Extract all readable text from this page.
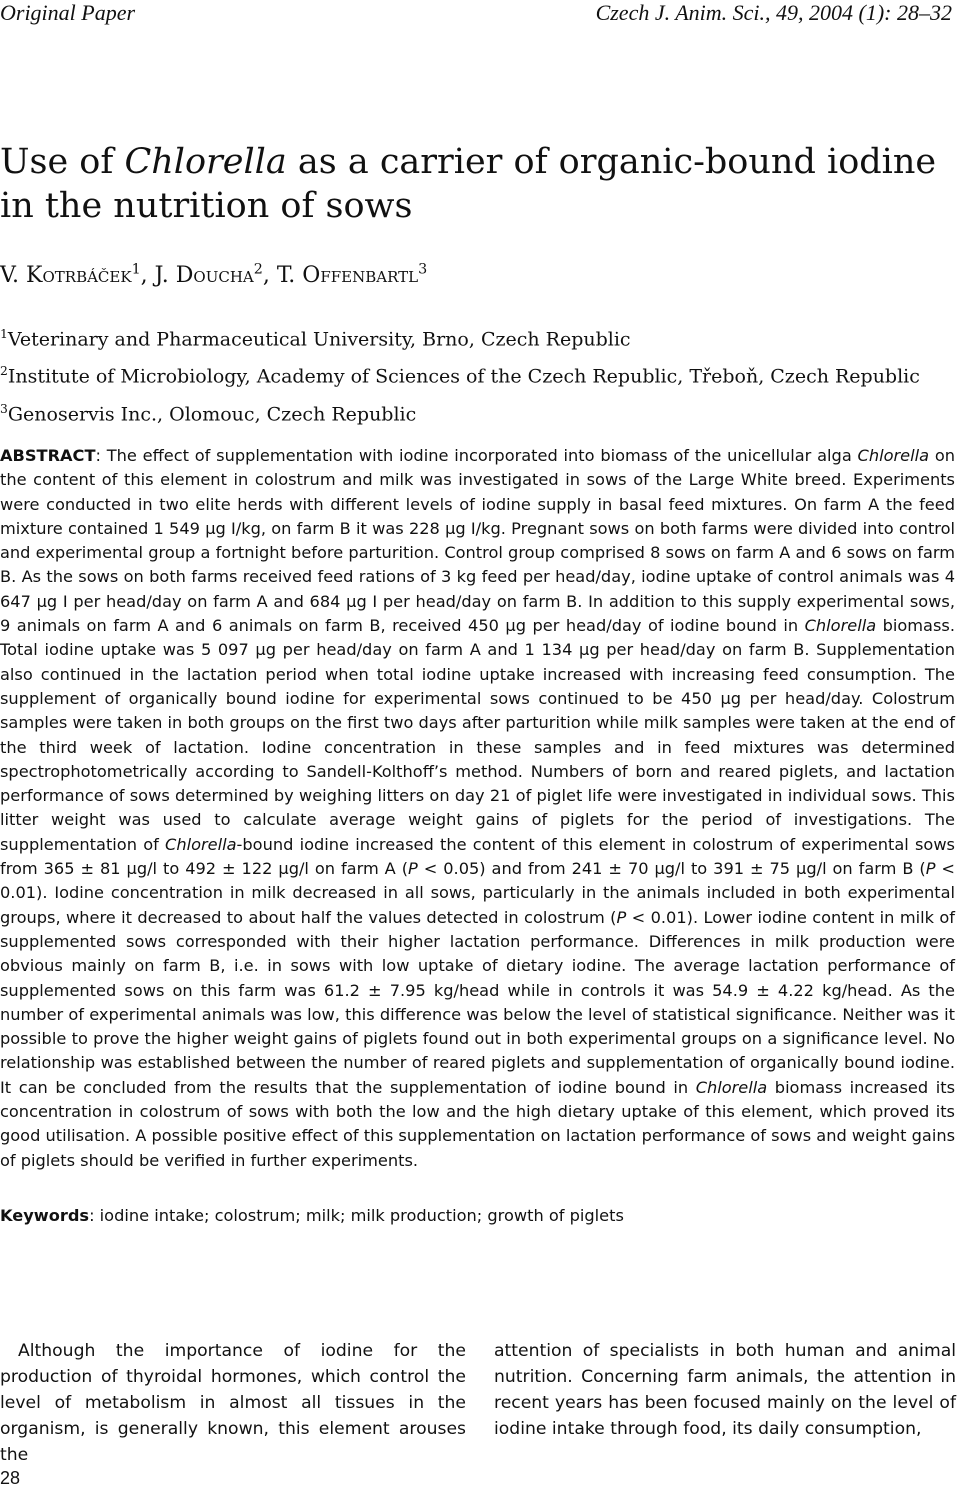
Original Paper	Czech J. Anim. Sci., 49, 2004 (1): 28–32
Use of Chlorella as a carrier of organic-bound iodine in the nutrition of sows
V. Kotrbáček$^1$, J. Doucha$^2$, T. Offenbartl$^3$
$^1$Veterinary and Pharmaceutical University, Brno, Czech Republic
$^2$Institute of Microbiology, Academy of Sciences of the Czech Republic, Třeboň, Czech Republic
$^3$Genoservis Inc., Olomouc, Czech Republic
ABSTRACT: The effect of supplementation with iodine incorporated into biomass of the unicellular alga Chlorella on the content of this element in colostrum and milk was investigated in sows of the Large White breed. Experiments were conducted in two elite herds with different levels of iodine supply in basal feed mixtures. On farm A the feed mixture contained 1 549 μg I/kg, on farm B it was 228 μg I/kg. Pregnant sows on both farms were divided into control and experimental group a fortnight before parturition. Control group comprised 8 sows on farm A and 6 sows on farm B. As the sows on both farms received feed rations of 3 kg feed per head/day, iodine uptake of control animals was 4 647 μg I per head/day on farm A and 684 μg I per head/day on farm B. In addition to this supply experimental sows, 9 animals on farm A and 6 animals on farm B, received 450 μg per head/day of iodine bound in Chlorella biomass. Total iodine uptake was 5 097 μg per head/day on farm A and 1 134 μg per head/day on farm B. Supplementation also continued in the lactation period when total iodine uptake increased with increasing feed consumption. The supplement of organically bound iodine for experimental sows continued to be 450 μg per head/day. Colostrum samples were taken in both groups on the first two days after parturition while milk samples were taken at the end of the third week of lactation. Iodine concentration in these samples and in feed mixtures was determined spectrophotometrically according to Sandell-Kolthoff’s method. Numbers of born and reared piglets, and lactation performance of sows determined by weighing litters on day 21 of piglet life were investigated in individual sows. This litter weight was used to calculate average weight gains of piglets for the period of investigations. The supplementation of Chlorella-bound iodine increased the content of this element in colostrum of experimental sows from 365 ± 81 μg/l to 492 ± 122 μg/l on farm A (P < 0.05) and from 241 ± 70 μg/l to 391 ± 75 μg/l on farm B (P < 0.01). Iodine concentration in milk decreased in all sows, particularly in the animals included in both experimental groups, where it decreased to about half the values detected in colostrum (P < 0.01). Lower iodine content in milk of supplemented sows corresponded with their higher lactation performance. Differences in milk production were obvious mainly on farm B, i.e. in sows with low uptake of dietary iodine. The average lactation performance of supplemented sows on this farm was 61.2 ± 7.95 kg/head while in controls it was 54.9 ± 4.22 kg/head. As the number of experimental animals was low, this difference was below the level of statistical significance. Neither was it possible to prove the higher weight gains of piglets found out in both experimental groups on a significance level. No relationship was established between the number of reared piglets and supplementation of organically bound iodine. It can be concluded from the results that the supplementation of iodine bound in Chlorella biomass increased its concentration in colostrum of sows with both the low and the high dietary uptake of this element, which proved its good utilisation. A possible positive effect of this supplementation on lactation performance of sows and weight gains of piglets should be verified in further experiments.
Keywords: iodine intake; colostrum; milk; milk production; growth of piglets
Although the importance of iodine for the production of thyroidal hormones, which control the level of metabolism in almost all tissues in the organism, is generally known, this element arouses the
attention of specialists in both human and animal nutrition. Concerning farm animals, the attention in recent years has been focused mainly on the level of iodine intake through food, its daily consumption,
28
